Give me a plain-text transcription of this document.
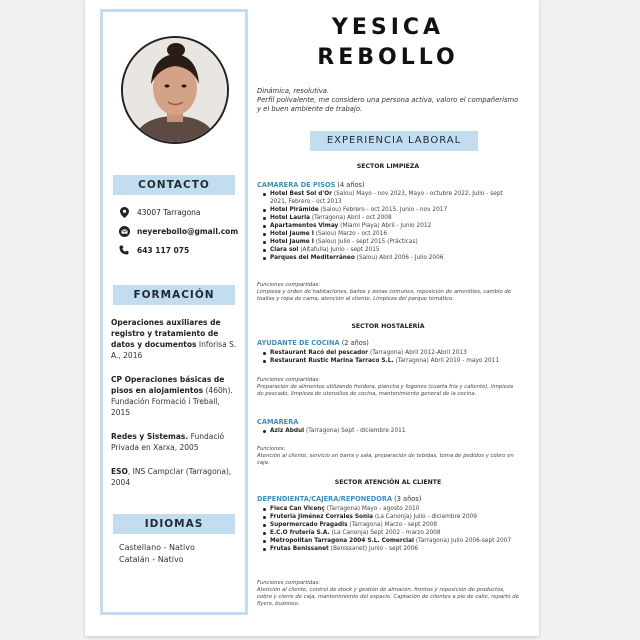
CONTACTO
43007 Tarragona
neyerebollo@gmail.com
643 117 075
FORMACIÓN
Operaciones auxiliares de registro y tratamiento de datos y documentos Inforisa S. A., 2016
CP Operaciones básicas de pisos en alojamientos (460h). Fundación Formació i Treball, 2015
Redes y Sistemas. Fundació Privada en Xarxa, 2005
ESO, INS Campclar (Tarragona), 2004
IDIOMAS
Castellano - Nativo
Catalán - Nativo
YESICA
REBOLLO
Dinámica, resolutiva.
Perfil polivalente, me considero una persona activa, valoro el compañerismo y el buen ambiente de trabajo.
EXPERIENCIA LABORAL
SECTOR LIMPIEZA
CAMARERA DE PISOS (4 años)
Hotel Best Sol d'Or (Salou) Mayo - nov 2023, Mayo - octubre 2022, Julio - sept 2021, Febrero - oct 2013
Hotel Pirámide (Salou) Febrero - oct 2015, Junio - nov 2017
Hotel Lauria (Tarragona) Abril - oct 2008
Apartamentos Vimay (Miami Playa) Abril - Junio 2012
Hotel Jaume I (Salou) Marzo - oct 2016
Hotel Jaume I (Salou) Julio - sept 2015 (Prácticas)
Clara sol (Altafulla) Junio - sept 2015
Parques del Mediterráneo (Salou) Abril 2006 - Julio 2006
Funciones compartidas:
Limpieza y orden de habitaciones, baños y zonas comunes, reposición de amenities, cambio de toallas y ropa de cama, atención al cliente. Limpieza del parque temático.
SECTOR HOSTALERÍA
AYUDANTE DE COCINA (2 años)
Restaurant Racó del pescador (Tarragona) Abril 2012-Abril 2013
Restaurant Rustic Marina Tarraco S.L. (Tarragona) Abril 2010 - mayo 2011
Funciones compartidas:
Preparación de alimentos utilizando freidora, plancha y fogones (cuarta fría y caliente), limpieza de pescado, limpieza de utensilios de cocina, mantenimiento general de la cocina.
CAMARERA
Aziz Abdul (Tarragona) Sept - diciembre 2011
Funciones:
Atención al cliente, servicio en barra y sala, preparación de tebidas, toma de pedidos y cobro en caja.
SECTOR ATENCIÓN AL CLIENTE
DEPENDIENTA/CAJERA/REPONEDORA (3 años)
Fleca Can Vicenç (Tarragona) Mayo - agosto 2010
Fruteria Jiménez Corrales Sonia (La Canonja) Julio - diciembre 2009
Supermercado Fragadis (Tarragona) Marzo - sept 2008
E.C.O frutería S.A. (La Canonja) Sept 2002 - marzo 2008
Metropolitan Tarragona 2004 S.L. Comercial (Tarragona) Julio 2006-sept 2007
Frutas Benissanet (Benissanet) Junio - sept 2006
Funciones compartidas:
Atención al cliente, control de stock y gestión de almacén, frontos y reposición de productos, cobro y cierre de caja, mantenimiento del espacio. Captación de clientes a pie de calle, reparto de flyers, buzoneo.
